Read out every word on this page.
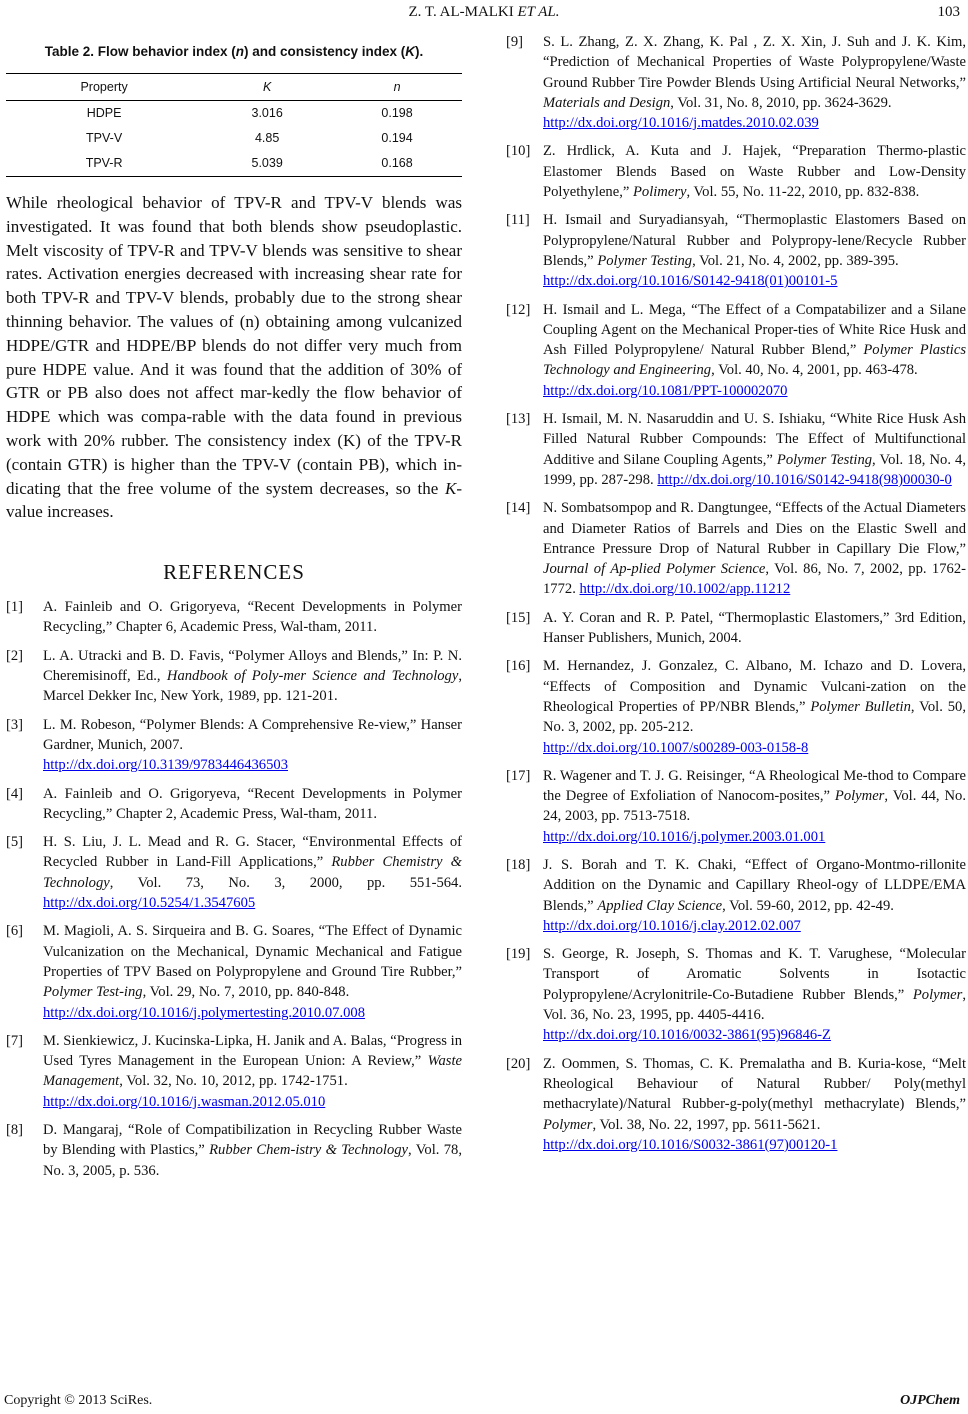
Z. T. AL-MALKI ET AL.	103
Table 2. Flow behavior index (n) and consistency index (K).
Property	K	n
HDPE	3.016	0.198
TPV-V	4.85	0.194
TPV-R	5.039	0.168

While rheological behavior of TPV-R and TPV-V blends was investigated. It was found that both blends show pseudoplastic. Melt viscosity of TPV-R and TPV-V blends was sensitive to shear rates. Activation energies decreased with increasing shear rate for both TPV-R and TPV-V blends, probably due to the strong shear thinning behavior. The values of (n) obtaining among vulcanized HDPE/GTR and HDPE/BP blends do not differ very much from pure HDPE value. And it was found that the addition of 30% of GTR or PB also does not affect mar-kedly the flow behavior of HDPE which was compa-rable with the data found in previous work with 20% rubber. The consistency index (K) of the TPV-R (contain GTR) is higher than the TPV-V (contain PB), which in-dicating that the free volume of the system decreases, so the K-value increases.

REFERENCES
[1]	A. Fainleib and O. Grigoryeva, “Recent Developments in Polymer Recycling,” Chapter 6, Academic Press, Wal-tham, 2011.
[2]	L. A. Utracki and B. D. Favis, “Polymer Alloys and Blends,” In: P. N. Cheremisinoff, Ed., Handbook of Poly-mer Science and Technology, Marcel Dekker Inc, New York, 1989, pp. 121-201.
[3]	L. M. Robeson, “Polymer Blends: A Comprehensive Re-view,” Hanser Gardner, Munich, 2007.
http://dx.doi.org/10.3139/9783446436503
[4]	A. Fainleib and O. Grigoryeva, “Recent Developments in Polymer Recycling,” Chapter 2, Academic Press, Wal-tham, 2011.
[5]	H. S. Liu, J. L. Mead and R. G. Stacer, “Environmental Effects of Recycled Rubber in Land-Fill Applications,” Rubber Chemistry & Technology, Vol. 73, No. 3, 2000, pp. 551-564. http://dx.doi.org/10.5254/1.3547605
[6]	M. Magioli, A. S. Sirqueira and B. G. Soares, “The Effect of Dynamic Vulcanization on the Mechanical, Dynamic Mechanical and Fatigue Properties of TPV Based on Polypropylene and Ground Tire Rubber,” Polymer Test-ing, Vol. 29, No. 7, 2010, pp. 840-848.
http://dx.doi.org/10.1016/j.polymertesting.2010.07.008
[7]	M. Sienkiewicz, J. Kucinska-Lipka, H. Janik and A. Balas, “Progress in Used Tyres Management in the European Union: A Review,” Waste Management, Vol. 32, No. 10, 2012, pp. 1742-1751.
http://dx.doi.org/10.1016/j.wasman.2012.05.010
[8]	D. Mangaraj, “Role of Compatibilization in Recycling Rubber Waste by Blending with Plastics,” Rubber Chem-istry & Technology, Vol. 78, No. 3, 2005, p. 536.
[9]	S. L. Zhang, Z. X. Zhang, K. Pal , Z. X. Xin, J. Suh and J. K. Kim, “Prediction of Mechanical Properties of Waste Polypropylene/Waste Ground Rubber Tire Powder Blends Using Artificial Neural Networks,” Materials and Design, Vol. 31, No. 8, 2010, pp. 3624-3629.
http://dx.doi.org/10.1016/j.matdes.2010.02.039
[10] Z. Hrdlick, A. Kuta and J. Hajek, “Preparation Thermo-plastic Elastomer Blends Based on Waste Rubber and Low-Density Polyethylene,” Polimery, Vol. 55, No. 11-22, 2010, pp. 832-838.
[11] H. Ismail and Suryadiansyah, “Thermoplastic Elastomers Based on Polypropylene/Natural Rubber and Polypropy-lene/Recycle Rubber Blends,” Polymer Testing, Vol. 21, No. 4, 2002, pp. 389-395.
http://dx.doi.org/10.1016/S0142-9418(01)00101-5
[12] H. Ismail and L. Mega, “The Effect of a Compatabilizer and a Silane Coupling Agent on the Mechanical Proper-ties of White Rice Husk and Ash Filled Polypropylene/ Natural Rubber Blend,” Polymer Plastics Technology and Engineering, Vol. 40, No. 4, 2001, pp. 463-478.
http://dx.doi.org/10.1081/PPT-100002070
[13] H. Ismail, M. N. Nasaruddin and U. S. Ishiaku, “White Rice Husk Ash Filled Natural Rubber Compounds: The Effect of Multifunctional Additive and Silane Coupling Agents,” Polymer Testing, Vol. 18, No. 4, 1999, pp. 287-298. http://dx.doi.org/10.1016/S0142-9418(98)00030-0
[14] N. Sombatsompop and R. Dangtungee, “Effects of the Actual Diameters and Diameter Ratios of Barrels and Dies on the Elastic Swell and Entrance Pressure Drop of Natural Rubber in Capillary Die Flow,” Journal of Ap-plied Polymer Science, Vol. 86, No. 7, 2002, pp. 1762-1772. http://dx.doi.org/10.1002/app.11212
[15] A. Y. Coran and R. P. Patel, “Thermoplastic Elastomers,” 3rd Edition, Hanser Publishers, Munich, 2004.
[16] M. Hernandez, J. Gonzalez, C. Albano, M. Ichazo and D. Lovera, “Effects of Composition and Dynamic Vulcani-zation on the Rheological Properties of PP/NBR Blends,” Polymer Bulletin, Vol. 50, No. 3, 2002, pp. 205-212.
http://dx.doi.org/10.1007/s00289-003-0158-8
[17] R. Wagener and T. J. G. Reisinger, “A Rheological Me-thod to Compare the Degree of Exfoliation of Nanocom-posites,” Polymer, Vol. 44, No. 24, 2003, pp. 7513-7518.
http://dx.doi.org/10.1016/j.polymer.2003.01.001
[18] J. S. Borah and T. K. Chaki, “Effect of Organo-Montmo-rillonite Addition on the Dynamic and Capillary Rheol-ogy of LLDPE/EMA Blends,” Applied Clay Science, Vol. 59-60, 2012, pp. 42-49.
http://dx.doi.org/10.1016/j.clay.2012.02.007
[19] S. George, R. Joseph, S. Thomas and K. T. Varughese, “Molecular Transport of Aromatic Solvents in Isotactic Polypropylene/Acrylonitrile-Co-Butadiene Rubber Blends,” Polymer, Vol. 36, No. 23, 1995, pp. 4405-4416.
http://dx.doi.org/10.1016/0032-3861(95)96846-Z
[20] Z. Oommen, S. Thomas, C. K. Premalatha and B. Kuria-kose, “Melt Rheological Behaviour of Natural Rubber/ Poly(methyl methacrylate)/Natural Rubber-g-poly(methyl methacrylate) Blends,” Polymer, Vol. 38, No. 22, 1997, pp. 5611-5621.
http://dx.doi.org/10.1016/S0032-3861(97)00120-1
Copyright © 2013 SciRes.	OJPChem
